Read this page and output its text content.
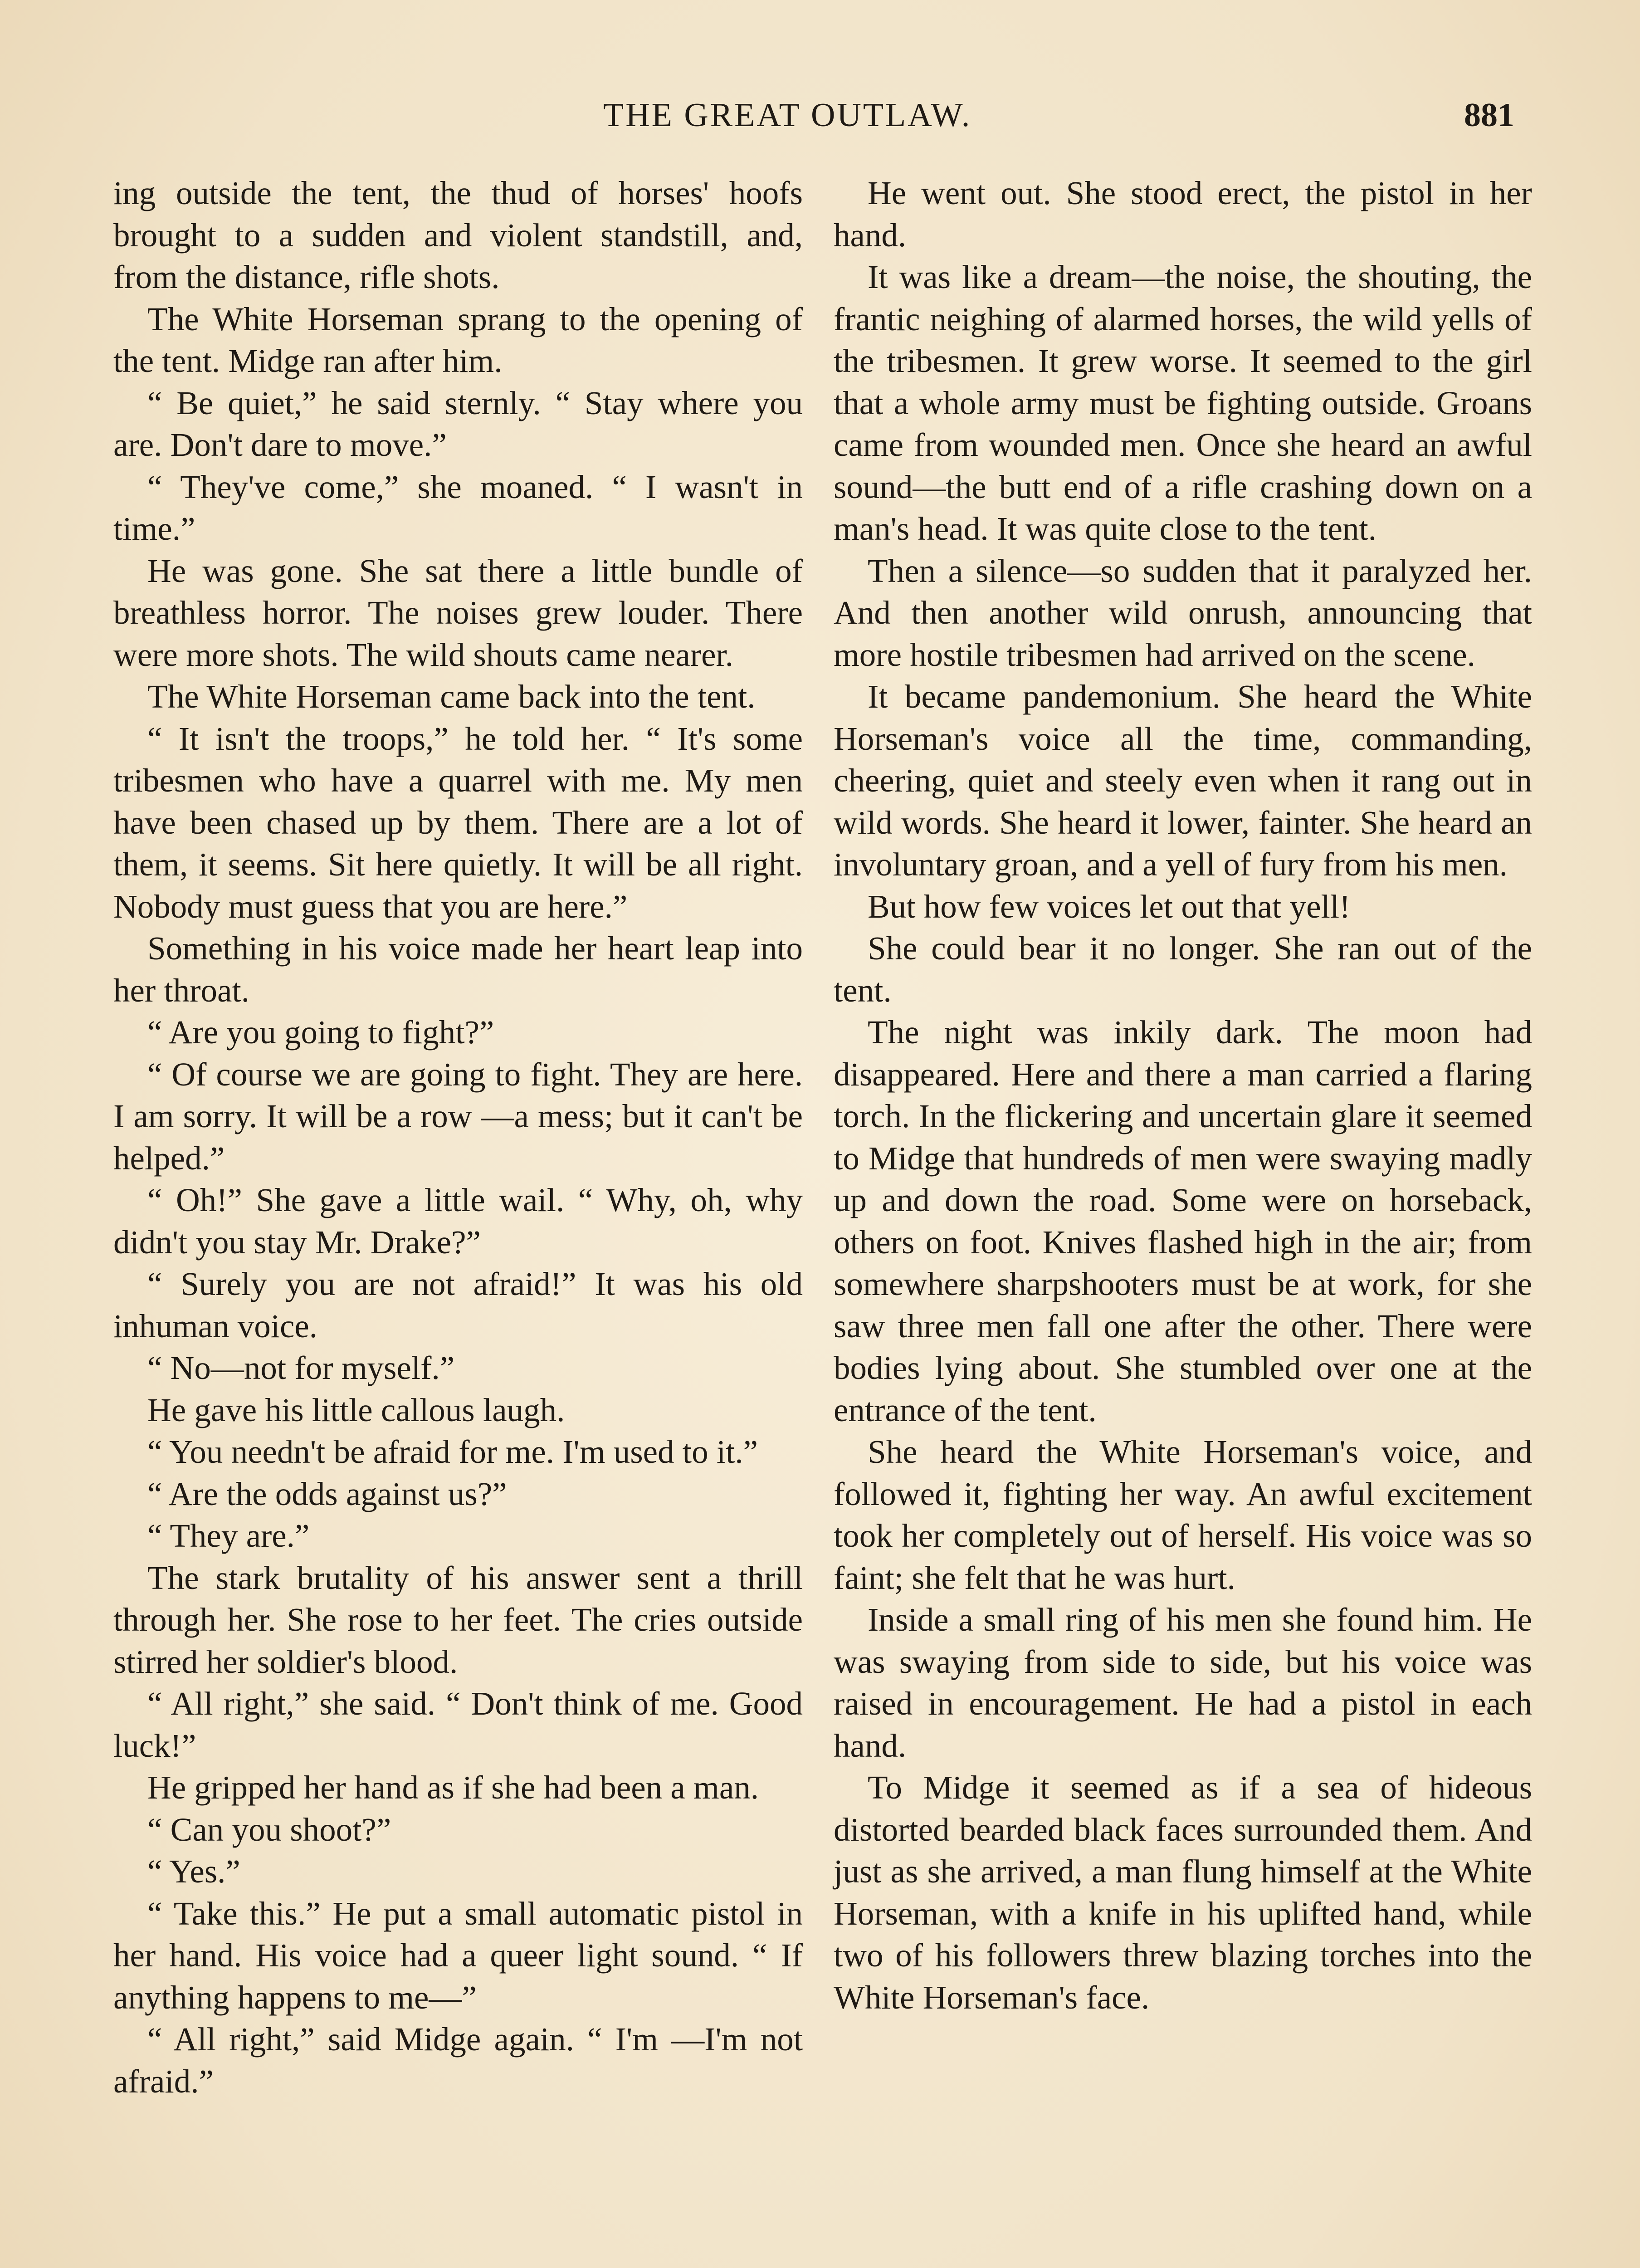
THE GREAT OUTLAW.	881

ing outside the tent, the thud of horses' hoofs brought to a sudden and violent standstill, and, from the distance, rifle shots.

The White Horseman sprang to the opening of the tent. Midge ran after him.

“ Be quiet,” he said sternly. “ Stay where you are. Don't dare to move.”

“ They've come,” she moaned. “ I wasn't in time.”

He was gone. She sat there a little bundle of breathless horror. The noises grew louder. There were more shots. The wild shouts came nearer.

The White Horseman came back into the tent.

“ It isn't the troops,” he told her. “ It's some tribesmen who have a quarrel with me. My men have been chased up by them. There are a lot of them, it seems. Sit here quietly. It will be all right. Nobody must guess that you are here.”

Something in his voice made her heart leap into her throat.

“ Are you going to fight?”

“ Of course we are going to fight. They are here. I am sorry. It will be a row —a mess; but it can't be helped.”

“ Oh!” She gave a little wail. “ Why, oh, why didn't you stay Mr. Drake?”

“ Surely you are not afraid!” It was his old inhuman voice.

“ No—not for myself.”

He gave his little callous laugh.

“ You needn't be afraid for me. I'm used to it.”

“ Are the odds against us?”

“ They are.”

The stark brutality of his answer sent a thrill through her. She rose to her feet. The cries outside stirred her soldier's blood.

“ All right,” she said. “ Don't think of me. Good luck!”

He gripped her hand as if she had been a man.

“ Can you shoot?”

“ Yes.”

“ Take this.” He put a small automatic pistol in her hand. His voice had a queer light sound. “ If anything happens to me—”

“ All right,” said Midge again. “ I'm —I'm not afraid.”

He went out. She stood erect, the pistol in her hand.

It was like a dream—the noise, the shouting, the frantic neighing of alarmed horses, the wild yells of the tribesmen. It grew worse. It seemed to the girl that a whole army must be fighting outside. Groans came from wounded men. Once she heard an awful sound—the butt end of a rifle crashing down on a man's head. It was quite close to the tent.

Then a silence—so sudden that it paralyzed her. And then another wild onrush, announcing that more hostile tribesmen had arrived on the scene.

It became pandemonium. She heard the White Horseman's voice all the time, commanding, cheering, quiet and steely even when it rang out in wild words. She heard it lower, fainter. She heard an involuntary groan, and a yell of fury from his men.

But how few voices let out that yell!

She could bear it no longer. She ran out of the tent.

The night was inkily dark. The moon had disappeared. Here and there a man carried a flaring torch. In the flickering and uncertain glare it seemed to Midge that hundreds of men were swaying madly up and down the road. Some were on horseback, others on foot. Knives flashed high in the air; from somewhere sharpshooters must be at work, for she saw three men fall one after the other. There were bodies lying about. She stumbled over one at the entrance of the tent.

She heard the White Horseman's voice, and followed it, fighting her way. An awful excitement took her completely out of herself. His voice was so faint; she felt that he was hurt.

Inside a small ring of his men she found him. He was swaying from side to side, but his voice was raised in encouragement. He had a pistol in each hand.

To Midge it seemed as if a sea of hideous distorted bearded black faces surrounded them. And just as she arrived, a man flung himself at the White Horseman, with a knife in his uplifted hand, while two of his followers threw blazing torches into the White Horseman's face.
